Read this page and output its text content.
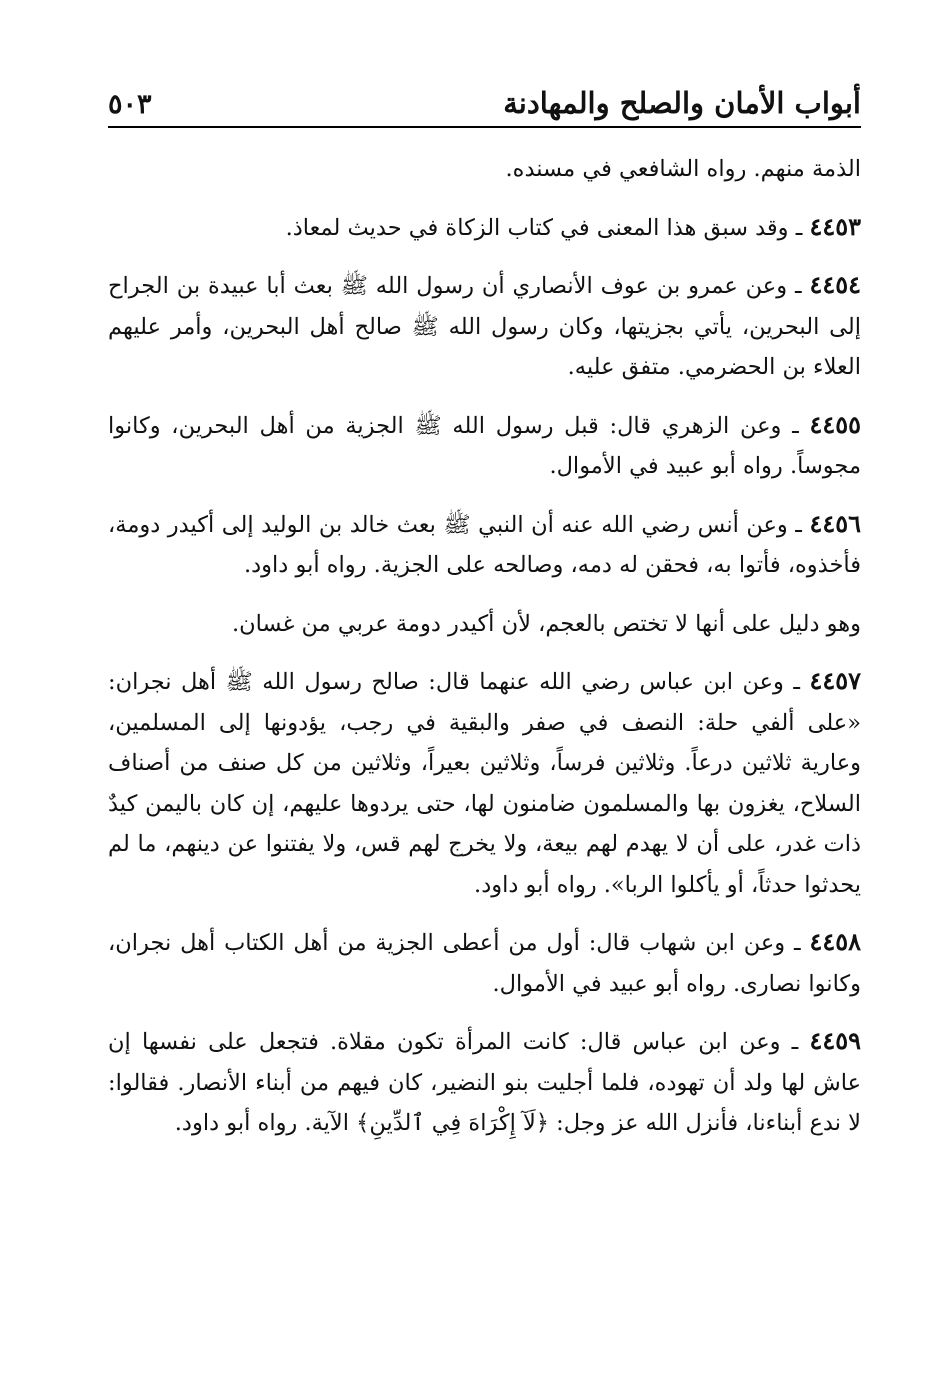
أبواب الأمان والصلح والمهادنة
٥٠٣

الذمة منهم. رواه الشافعي في مسنده.

٤٤٥٣ ـ وقد سبق هذا المعنى في كتاب الزكاة في حديث لمعاذ.

٤٤٥٤ ـ وعن عمرو بن عوف الأنصاري أن رسول الله ﷺ بعث أبا عبيدة بن الجراح إلى البحرين، يأتي بجزيتها، وكان رسول الله ﷺ صالح أهل البحرين، وأمر عليهم العلاء بن الحضرمي. متفق عليه.

٤٤٥٥ ـ وعن الزهري قال: قبل رسول الله ﷺ الجزية من أهل البحرين، وكانوا مجوساً. رواه أبو عبيد في الأموال.

٤٤٥٦ ـ وعن أنس رضي الله عنه أن النبي ﷺ بعث خالد بن الوليد إلى أكيدر دومة، فأخذوه، فأتوا به، فحقن له دمه، وصالحه على الجزية. رواه أبو داود.

وهو دليل على أنها لا تختص بالعجم، لأن أكيدر دومة عربي من غسان.

٤٤٥٧ ـ وعن ابن عباس رضي الله عنهما قال: صالح رسول الله ﷺ أهل نجران: «على ألفي حلة: النصف في صفر والبقية في رجب، يؤدونها إلى المسلمين، وعارية ثلاثين درعاً. وثلاثين فرساً، وثلاثين بعيراً، وثلاثين من كل صنف من أصناف السلاح، يغزون بها والمسلمون ضامنون لها، حتى يردوها عليهم، إن كان باليمن كيدٌ ذات غدر، على أن لا يهدم لهم بيعة، ولا يخرج لهم قس، ولا يفتنوا عن دينهم، ما لم يحدثوا حدثاً، أو يأكلوا الربا». رواه أبو داود.

٤٤٥٨ ـ وعن ابن شهاب قال: أول من أعطى الجزية من أهل الكتاب أهل نجران، وكانوا نصارى. رواه أبو عبيد في الأموال.

٤٤٥٩ ـ وعن ابن عباس قال: كانت المرأة تكون مقلاة. فتجعل على نفسها إن عاش لها ولد أن تهوده، فلما أجليت بنو النضير، كان فيهم من أبناء الأنصار. فقالوا: لا ندع أبناءنا، فأنزل الله عز وجل: ﴿لَآ إِكْرَاهَ فِي ٱلدِّينِ﴾ الآية. رواه أبو داود.
